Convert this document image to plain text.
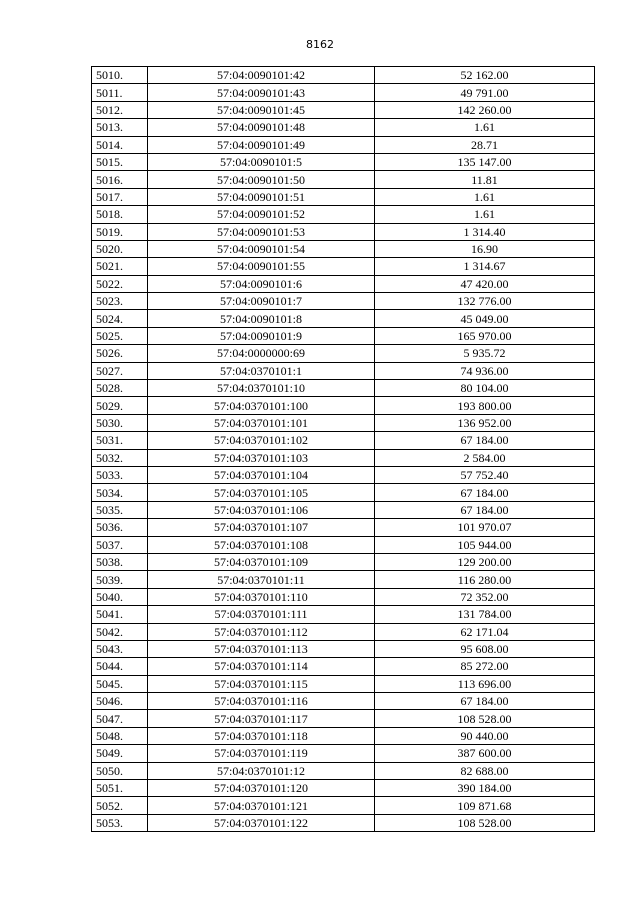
8162
5010.	57:04:0090101:42	52 162.00
5011.	57:04:0090101:43	49 791.00
5012.	57:04:0090101:45	142 260.00
5013.	57:04:0090101:48	1.61
5014.	57:04:0090101:49	28.71
5015.	57:04:0090101:5	135 147.00
5016.	57:04:0090101:50	11.81
5017.	57:04:0090101:51	1.61
5018.	57:04:0090101:52	1.61
5019.	57:04:0090101:53	1 314.40
5020.	57:04:0090101:54	16.90
5021.	57:04:0090101:55	1 314.67
5022.	57:04:0090101:6	47 420.00
5023.	57:04:0090101:7	132 776.00
5024.	57:04:0090101:8	45 049.00
5025.	57:04:0090101:9	165 970.00
5026.	57:04:0000000:69	5 935.72
5027.	57:04:0370101:1	74 936.00
5028.	57:04:0370101:10	80 104.00
5029.	57:04:0370101:100	193 800.00
5030.	57:04:0370101:101	136 952.00
5031.	57:04:0370101:102	67 184.00
5032.	57:04:0370101:103	2 584.00
5033.	57:04:0370101:104	57 752.40
5034.	57:04:0370101:105	67 184.00
5035.	57:04:0370101:106	67 184.00
5036.	57:04:0370101:107	101 970.07
5037.	57:04:0370101:108	105 944.00
5038.	57:04:0370101:109	129 200.00
5039.	57:04:0370101:11	116 280.00
5040.	57:04:0370101:110	72 352.00
5041.	57:04:0370101:111	131 784.00
5042.	57:04:0370101:112	62 171.04
5043.	57:04:0370101:113	95 608.00
5044.	57:04:0370101:114	85 272.00
5045.	57:04:0370101:115	113 696.00
5046.	57:04:0370101:116	67 184.00
5047.	57:04:0370101:117	108 528.00
5048.	57:04:0370101:118	90 440.00
5049.	57:04:0370101:119	387 600.00
5050.	57:04:0370101:12	82 688.00
5051.	57:04:0370101:120	390 184.00
5052.	57:04:0370101:121	109 871.68
5053.	57:04:0370101:122	108 528.00
